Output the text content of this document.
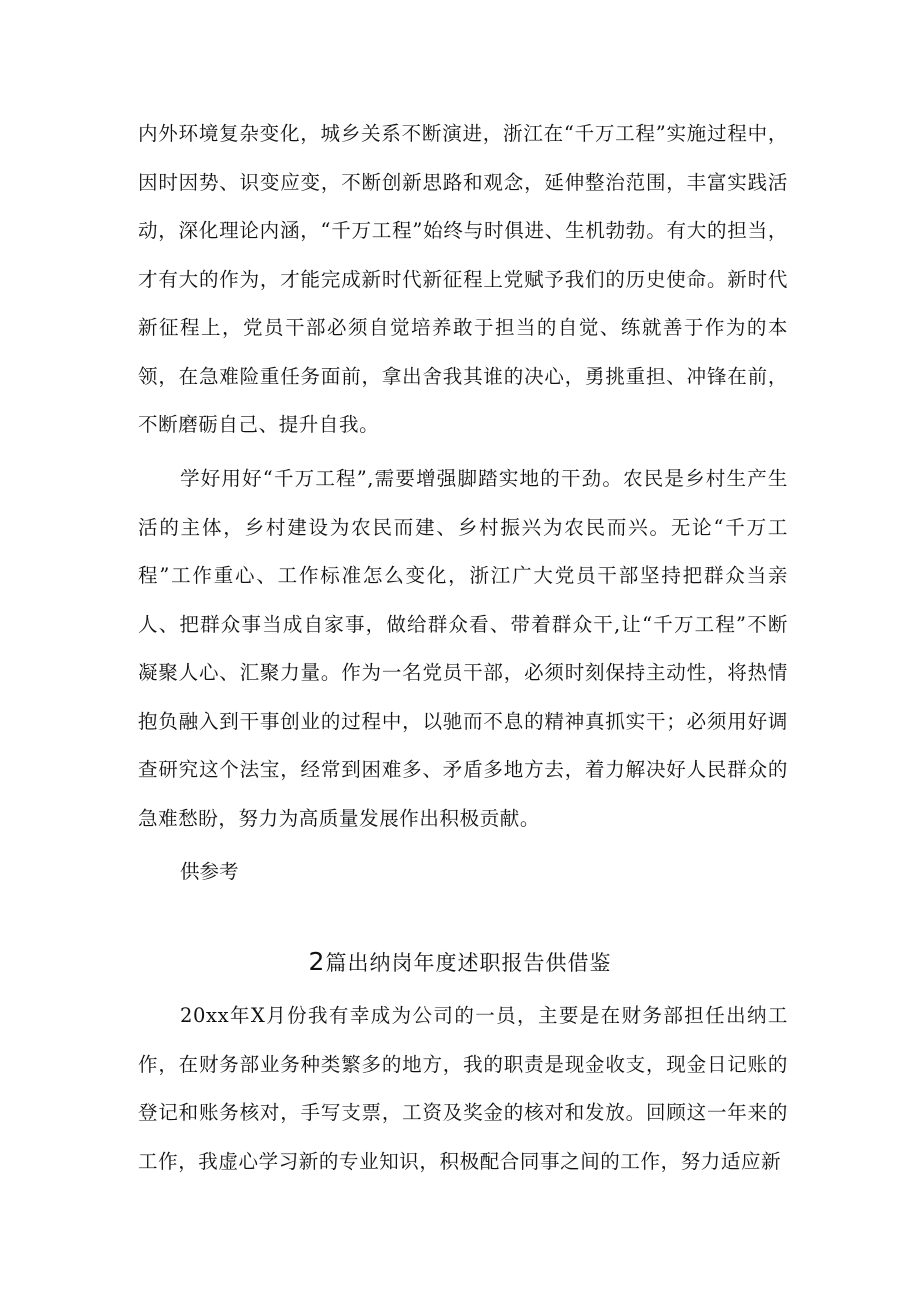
内外环境复杂变化，城乡关系不断演进，浙江在“千万工程”实施过程中，因时因势、识变应变，不断创新思路和观念，延伸整治范围，丰富实践活动，深化理论内涵，“千万工程”始终与时俱进、生机勃勃。有大的担当，才有大的作为，才能完成新时代新征程上党赋予我们的历史使命。新时代新征程上，党员干部必须自觉培养敢于担当的自觉、练就善于作为的本领，在急难险重任务面前，拿出舍我其谁的决心，勇挑重担、冲锋在前，不断磨砺自己、提升自我。

学好用好“千万工程”,需要增强脚踏实地的干劲。农民是乡村生产生活的主体，乡村建设为农民而建、乡村振兴为农民而兴。无论“千万工程”工作重心、工作标准怎么变化，浙江广大党员干部坚持把群众当亲人、把群众事当成自家事，做给群众看、带着群众干,让“千万工程”不断凝聚人心、汇聚力量。作为一名党员干部，必须时刻保持主动性，将热情抱负融入到干事创业的过程中，以驰而不息的精神真抓实干；必须用好调查研究这个法宝，经常到困难多、矛盾多地方去，着力解决好人民群众的急难愁盼，努力为高质量发展作出积极贡献。

供参考

2篇出纳岗年度述职报告供借鉴

20xx年X月份我有幸成为公司的一员，主要是在财务部担任出纳工作，在财务部业务种类繁多的地方，我的职责是现金收支，现金日记账的登记和账务核对，手写支票，工资及奖金的核对和发放。回顾这一年来的工作，我虚心学习新的专业知识，积极配合同事之间的工作，努力适应新
